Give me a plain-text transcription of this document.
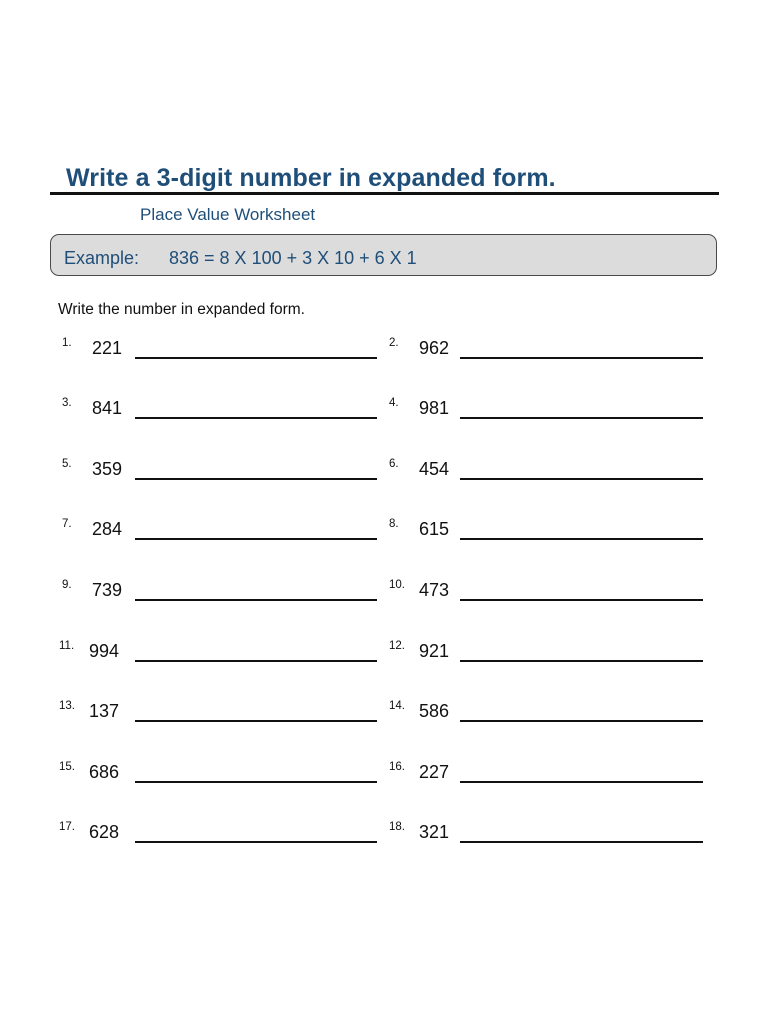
Write a 3-digit number in expanded form.
Place Value Worksheet
Example: 836 = 8 X 100 + 3 X 10 + 6 X 1
Write the number in expanded form.
1. 221	2. 962
3. 841	4. 981
5. 359	6. 454
7. 284	8. 615
9. 739	10. 473
11. 994	12. 921
13. 137	14. 586
15. 686	16. 227
17. 628	18. 321
